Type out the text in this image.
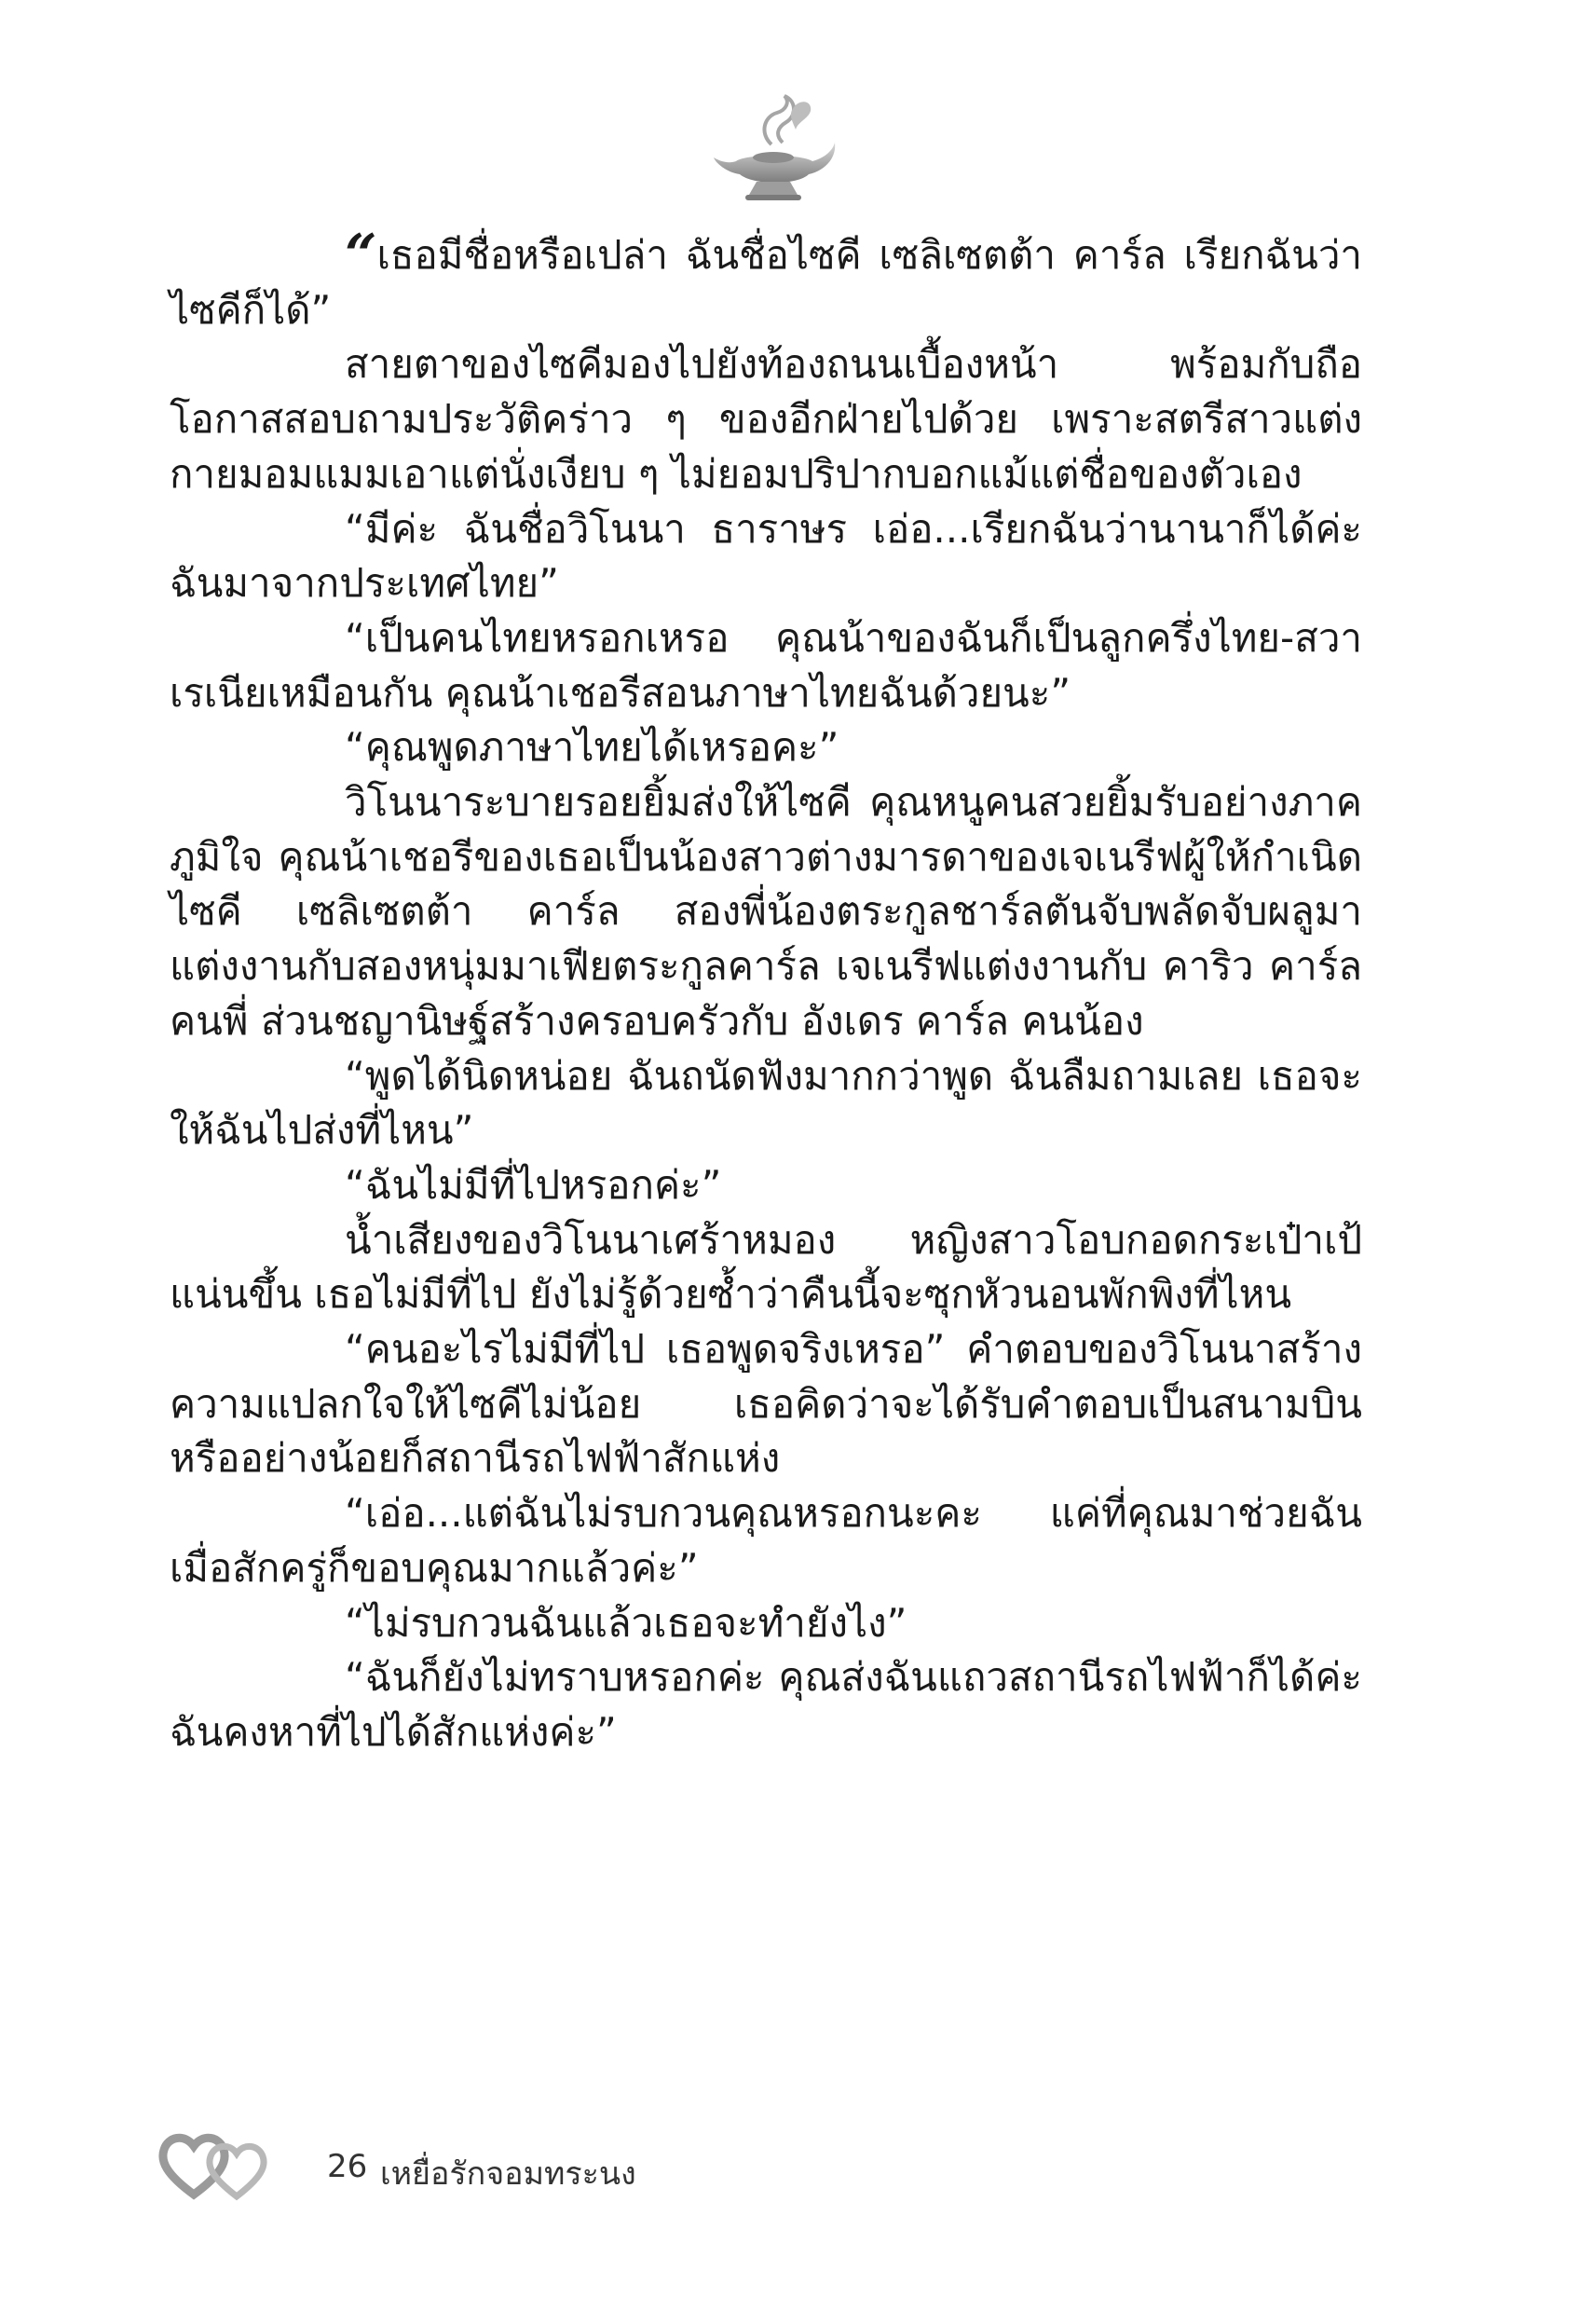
“เธอมีชื่อหรือเปล่า ฉันชื่อไซคี เซลิเซตต้า คาร์ล เรียกฉันว่าไซคีก็ได้”

สายตาของไซคีมองไปยังท้องถนนเบื้องหน้า พร้อมกับถือโอกาสสอบถามประวัติคร่าว ๆ ของอีกฝ่ายไปด้วย เพราะสตรีสาวแต่งกายมอมแมมเอาแต่นั่งเงียบ ๆ ไม่ยอมปริปากบอกแม้แต่ชื่อของตัวเอง

“มีค่ะ ฉันชื่อวิโนนา ธาราษร เอ่อ...เรียกฉันว่านานาก็ได้ค่ะ ฉันมาจากประเทศไทย”

“เป็นคนไทยหรอกเหรอ คุณน้าของฉันก็เป็นลูกครึ่งไทย-สวาเรเนียเหมือนกัน คุณน้าเชอรีสอนภาษาไทยฉันด้วยนะ”

“คุณพูดภาษาไทยได้เหรอคะ”

วิโนนาระบายรอยยิ้มส่งให้ไซคี คุณหนูคนสวยยิ้มรับอย่างภาคภูมิใจ คุณน้าเชอรีของเธอเป็นน้องสาวต่างมารดาของเจเนรีฟผู้ให้กำเนิด ไซคี เซลิเซตต้า คาร์ล สองพี่น้องตระกูลชาร์ลตันจับพลัดจับผลูมาแต่งงานกับสองหนุ่มมาเฟียตระกูลคาร์ล เจเนรีฟแต่งงานกับ คาริว คาร์ล คนพี่ ส่วนชญานิษฐ์สร้างครอบครัวกับ อังเดร คาร์ล คนน้อง

“พูดได้นิดหน่อย ฉันถนัดฟังมากกว่าพูด ฉันลืมถามเลย เธอจะให้ฉันไปส่งที่ไหน”

“ฉันไม่มีที่ไปหรอกค่ะ”

น้ำเสียงของวิโนนาเศร้าหมอง หญิงสาวโอบกอดกระเป๋าเป้แน่นขึ้น เธอไม่มีที่ไป ยังไม่รู้ด้วยซ้ำว่าคืนนี้จะซุกหัวนอนพักพิงที่ไหน

“คนอะไรไม่มีที่ไป เธอพูดจริงเหรอ” คำตอบของวิโนนาสร้างความแปลกใจให้ไซคีไม่น้อย เธอคิดว่าจะได้รับคำตอบเป็นสนามบิน หรืออย่างน้อยก็สถานีรถไฟฟ้าสักแห่ง

“เอ่อ...แต่ฉันไม่รบกวนคุณหรอกนะคะ แค่ที่คุณมาช่วยฉันเมื่อสักครู่ก็ขอบคุณมากแล้วค่ะ”

“ไม่รบกวนฉันแล้วเธอจะทำยังไง”

“ฉันก็ยังไม่ทราบหรอกค่ะ คุณส่งฉันแถวสถานีรถไฟฟ้าก็ได้ค่ะ ฉันคงหาที่ไปได้สักแห่งค่ะ”

26 เหยื่อรักจอมทระนง
